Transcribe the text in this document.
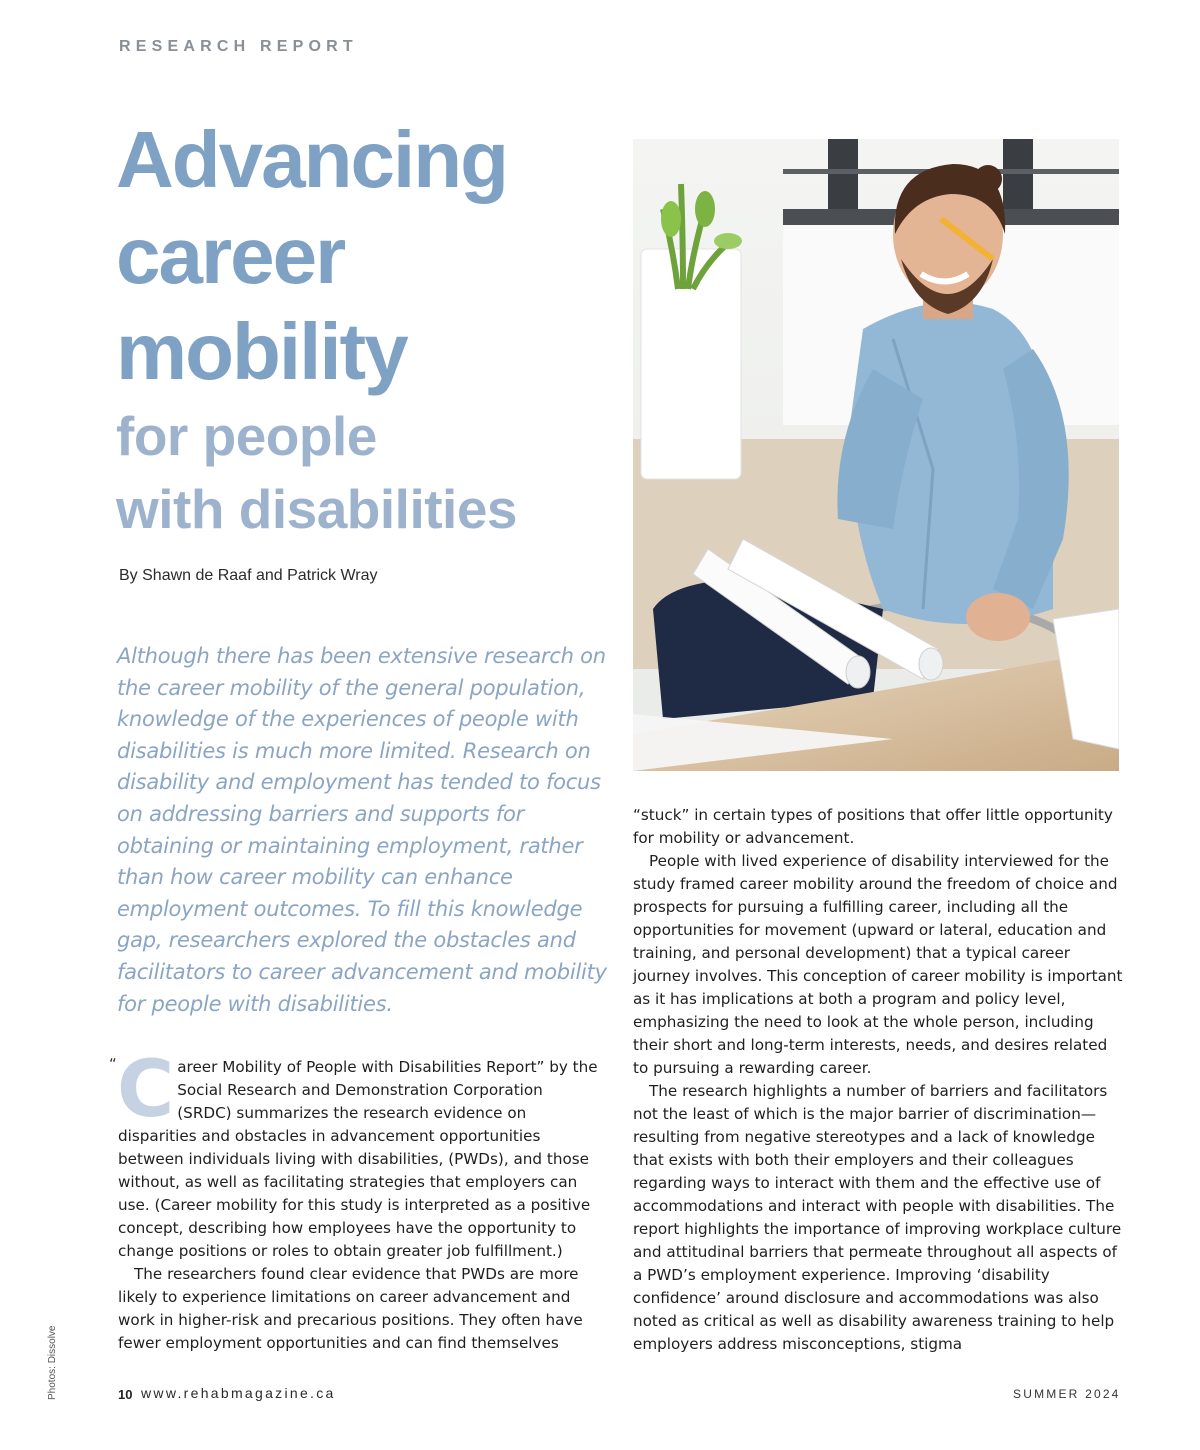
RESEARCH REPORT
Advancing
career
mobility
for people
with disabilities
By Shawn de Raaf and Patrick Wray

Although there has been extensive research on the career mobility of the general population, knowledge of the experiences of people with disabilities is much more limited. Research on disability and employment has tended to focus on addressing barriers and supports for obtaining or maintaining employment, rather than how career mobility can enhance employment outcomes. To fill this knowledge gap, researchers explored the obstacles and facilitators to career advancement and mobility for people with disabilities.

“ Career Mobility of People with Disabilities Report” by the Social Research and Demonstration Corporation (SRDC) summarizes the research evidence on disparities and obstacles in advancement opportunities between individuals living with disabilities, (PWDs), and those without, as well as facilitating strategies that employers can use. (Career mobility for this study is interpreted as a positive concept, describing how employees have the opportunity to change positions or roles to obtain greater job fulfillment.)

The researchers found clear evidence that PWDs are more likely to experience limitations on career advancement and work in higher-risk and precarious positions. They often have fewer employment opportunities and can find themselves

“stuck” in certain types of positions that offer little opportunity for mobility or advancement.

People with lived experience of disability interviewed for the study framed career mobility around the freedom of choice and prospects for pursuing a fulfilling career, including all the opportunities for movement (upward or lateral, education and training, and personal development) that a typical career journey involves. This conception of career mobility is important as it has implications at both a program and policy level, emphasizing the need to look at the whole person, including their short and long-term interests, needs, and desires related to pursuing a rewarding career.

The research highlights a number of barriers and facilitators not the least of which is the major barrier of discrimination— resulting from negative stereotypes and a lack of knowledge that exists with both their employers and their colleagues regarding ways to interact with them and the effective use of accommodations and interact with people with disabilities. The report highlights the importance of improving workplace culture and attitudinal barriers that permeate throughout all aspects of a PWD’s employment experience. Improving ‘disability confidence’ around disclosure and accommodations was also noted as critical as well as disability awareness training to help employers address misconceptions, stigma

Photos: Dissolve	10 www.rehabmagazine.ca	SUMMER 2024
